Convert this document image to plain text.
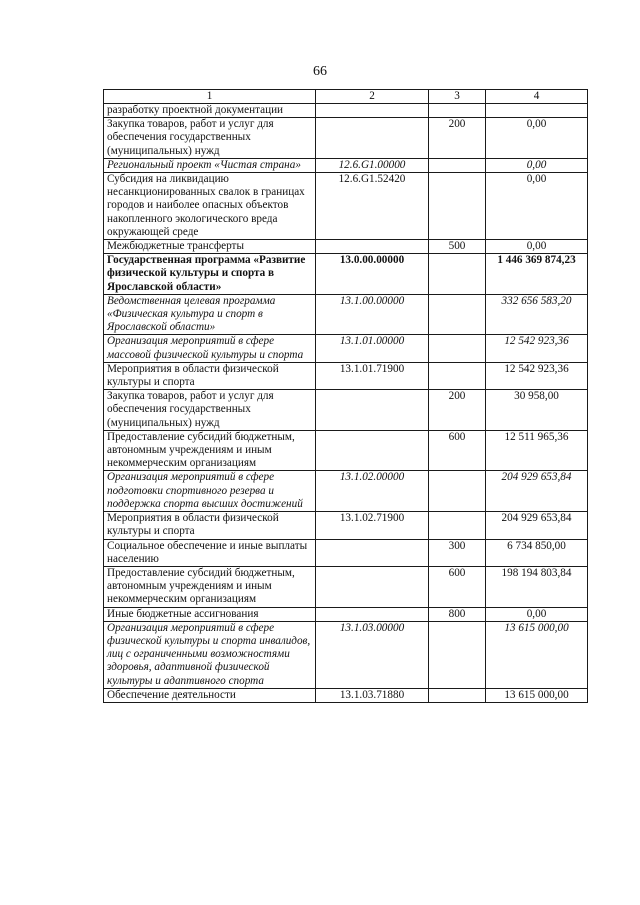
66
1	2	3	4
разработку проектной документации			
Закупка товаров, работ и услуг для обеспечения государственных (муниципальных) нужд		200	0,00
Региональный проект «Чистая страна»	12.6.G1.00000		0,00
Субсидия на ликвидацию несанкционированных свалок в границах городов и наиболее опасных объектов накопленного экологического вреда окружающей среде	12.6.G1.52420		0,00
Межбюджетные трансферты		500	0,00
Государственная программа «Развитие физической культуры и спорта в Ярославской области»	13.0.00.00000		1 446 369 874,23
Ведомственная целевая программа «Физическая культура и спорт в Ярославской области»	13.1.00.00000		332 656 583,20
Организация мероприятий в сфере массовой физической культуры и спорта	13.1.01.00000		12 542 923,36
Мероприятия в области физической культуры и спорта	13.1.01.71900		12 542 923,36
Закупка товаров, работ и услуг для обеспечения государственных (муниципальных) нужд		200	30 958,00
Предоставление субсидий бюджетным, автономным учреждениям и иным некоммерческим организациям		600	12 511 965,36
Организация мероприятий в сфере подготовки спортивного резерва и поддержка спорта высших достижений	13.1.02.00000		204 929 653,84
Мероприятия в области физической культуры и спорта	13.1.02.71900		204 929 653,84
Социальное обеспечение и иные выплаты населению		300	6 734 850,00
Предоставление субсидий бюджетным, автономным учреждениям и иным некоммерческим организациям		600	198 194 803,84
Иные бюджетные ассигнования		800	0,00
Организация мероприятий в сфере физической культуры и спорта инвалидов, лиц с ограниченными возможностями здоровья, адаптивной физической культуры и адаптивного спорта	13.1.03.00000		13 615 000,00
Обеспечение деятельности	13.1.03.71880		13 615 000,00
